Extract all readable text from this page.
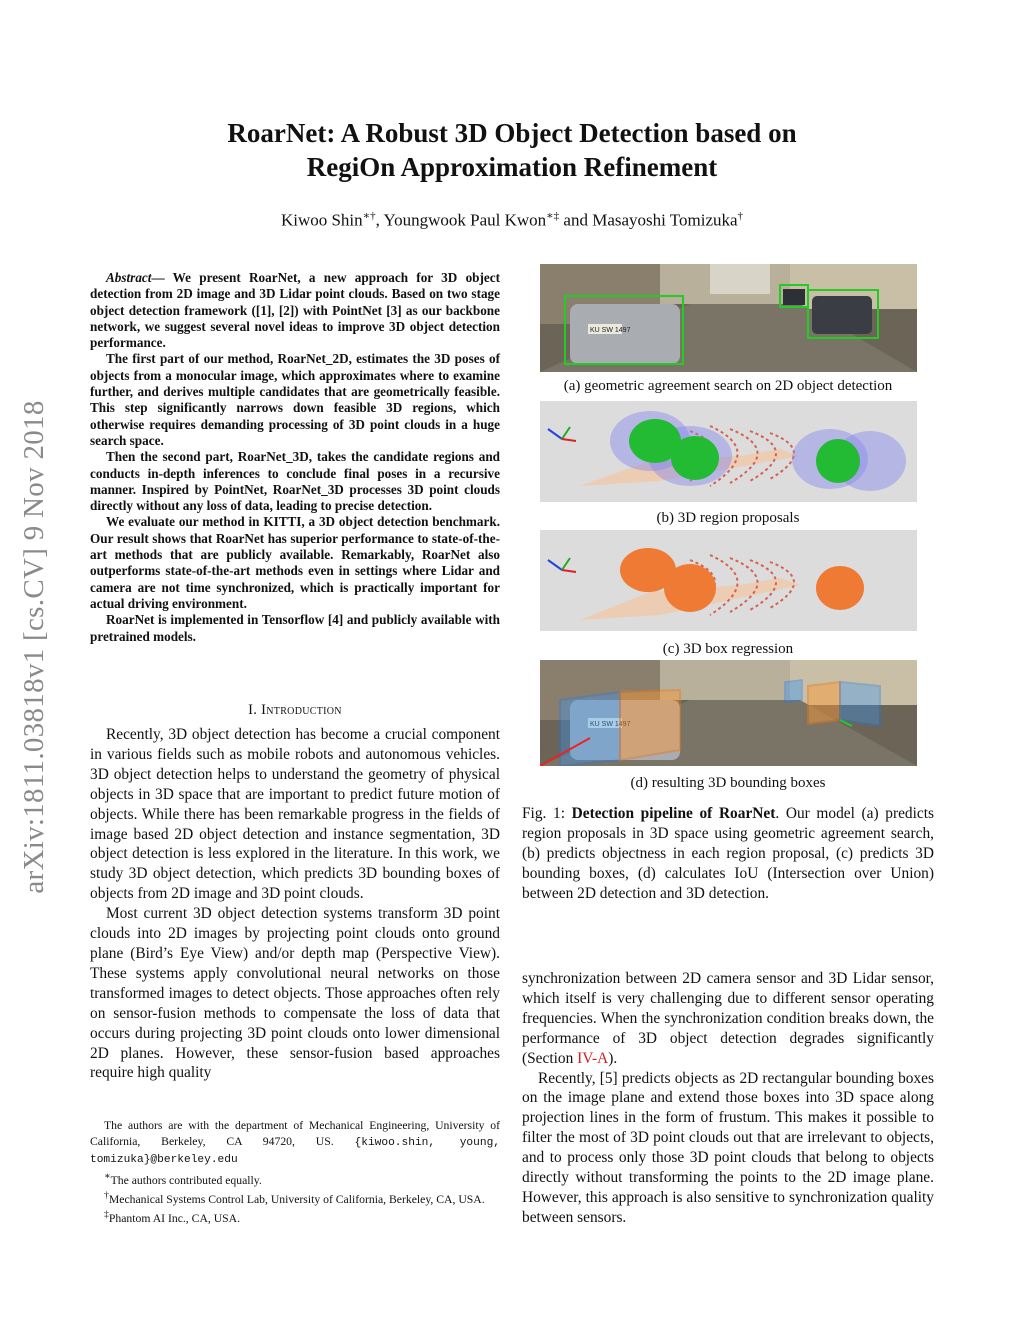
arXiv:1811.03818v1 [cs.CV] 9 Nov 2018
RoarNet: A Robust 3D Object Detection based on
RegiOn Approximation Refinement
Kiwoo Shin∗†, Youngwook Paul Kwon∗‡ and Masayoshi Tomizuka†

Abstract— We present RoarNet, a new approach for 3D object detection from 2D image and 3D Lidar point clouds. Based on two stage object detection framework ([1], [2]) with PointNet [3] as our backbone network, we suggest several novel ideas to improve 3D object detection performance.

The first part of our method, RoarNet_2D, estimates the 3D poses of objects from a monocular image, which approximates where to examine further, and derives multiple candidates that are geometrically feasible. This step significantly narrows down feasible 3D regions, which otherwise requires demanding processing of 3D point clouds in a huge search space.

Then the second part, RoarNet_3D, takes the candidate regions and conducts in-depth inferences to conclude final poses in a recursive manner. Inspired by PointNet, RoarNet_3D processes 3D point clouds directly without any loss of data, leading to precise detection.

We evaluate our method in KITTI, a 3D object detection benchmark. Our result shows that RoarNet has superior performance to state-of-the-art methods that are publicly available. Remarkably, RoarNet also outperforms state-of-the-art methods even in settings where Lidar and camera are not time synchronized, which is practically important for actual driving environment.

RoarNet is implemented in Tensorflow [4] and publicly available with pretrained models.

I. Introduction

Recently, 3D object detection has become a crucial component in various fields such as mobile robots and autonomous vehicles. 3D object detection helps to understand the geometry of physical objects in 3D space that are important to predict future motion of objects. While there has been remarkable progress in the fields of image based 2D object detection and instance segmentation, 3D object detection is less explored in the literature. In this work, we study 3D object detection, which predicts 3D bounding boxes of objects from 2D image and 3D point clouds.

Most current 3D object detection systems transform 3D point clouds into 2D images by projecting point clouds onto ground plane (Bird’s Eye View) and/or depth map (Perspective View). These systems apply convolutional neural networks on those transformed images to detect objects. Those approaches often rely on sensor-fusion methods to compensate the loss of data that occurs during projecting 3D point clouds onto lower dimensional 2D planes. However, these sensor-fusion based approaches require high quality

The authors are with the department of Mechanical Engineering, University of California, Berkeley, CA 94720, US. {kiwoo.shin, young, tomizuka}@berkeley.edu

∗The authors contributed equally.

†Mechanical Systems Control Lab, University of California, Berkeley, CA, USA.

‡Phantom AI Inc., CA, USA.

KU SW 1497
(a) geometric agreement search on 2D object detection
(b) 3D region proposals
(c) 3D box regression
KU SW 1497
(d) resulting 3D bounding boxes
Fig. 1: Detection pipeline of RoarNet. Our model (a) predicts region proposals in 3D space using geometric agreement search, (b) predicts objectness in each region proposal, (c) predicts 3D bounding boxes, (d) calculates IoU (Intersection over Union) between 2D detection and 3D detection.

synchronization between 2D camera sensor and 3D Lidar sensor, which itself is very challenging due to different sensor operating frequencies. When the synchronization condition breaks down, the performance of 3D object detection degrades significantly (Section IV-A).

Recently, [5] predicts objects as 2D rectangular bounding boxes on the image plane and extend those boxes into 3D space along projection lines in the form of frustum. This makes it possible to filter the most of 3D point clouds out that are irrelevant to objects, and to process only those 3D point clouds that belong to objects directly without transforming the points to the 2D image plane. However, this approach is also sensitive to synchronization quality between sensors.
